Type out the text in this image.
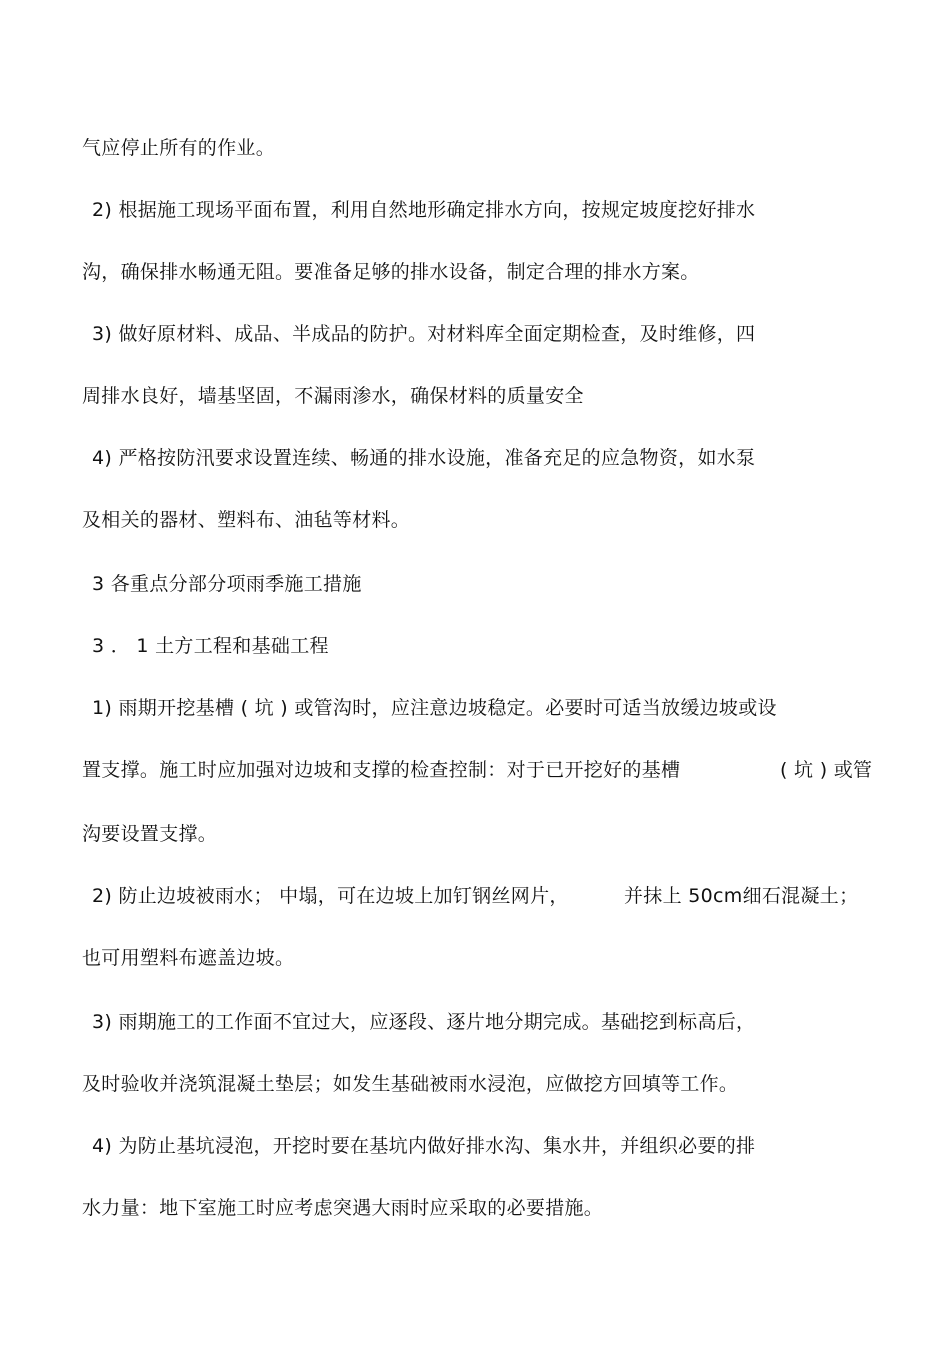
气应停止所有的作业。
2) 根据施工现场平面布置，利用自然地形确定排水方向，按规定坡度挖好排水
沟，确保排水畅通无阻。要准备足够的排水设备，制定合理的排水方案。
3) 做好原材料、成品、半成品的防护。对材料库全面定期检查，及时维修，四
周排水良好，墙基坚固，不漏雨渗水，确保材料的质量安全
4) 严格按防汛要求设置连续、畅通的排水设施，准备充足的应急物资，如水泵
及相关的器材、塑料布、油毡等材料。
3 各重点分部分项雨季施工措施
3 ． 1 土方工程和基础工程
1) 雨期开挖基槽 ( 坑 ) 或管沟时，应注意边坡稳定。必要时可适当放缓边坡或设
置支撑。施工时应加强对边坡和支撑的检查控制：对于已开挖好的基槽	( 坑 ) 或管
沟要设置支撑。
2) 防止边坡被雨水； 中塌，可在边坡上加钉钢丝网片，	并抹上 50cm细石混凝土；
也可用塑料布遮盖边坡。
3) 雨期施工的工作面不宜过大，应逐段、逐片地分期完成。基础挖到标高后，
及时验收并浇筑混凝土垫层；如发生基础被雨水浸泡，应做挖方回填等工作。
4) 为防止基坑浸泡，开挖时要在基坑内做好排水沟、集水井，并组织必要的排
水力量：地下室施工时应考虑突遇大雨时应采取的必要措施。
